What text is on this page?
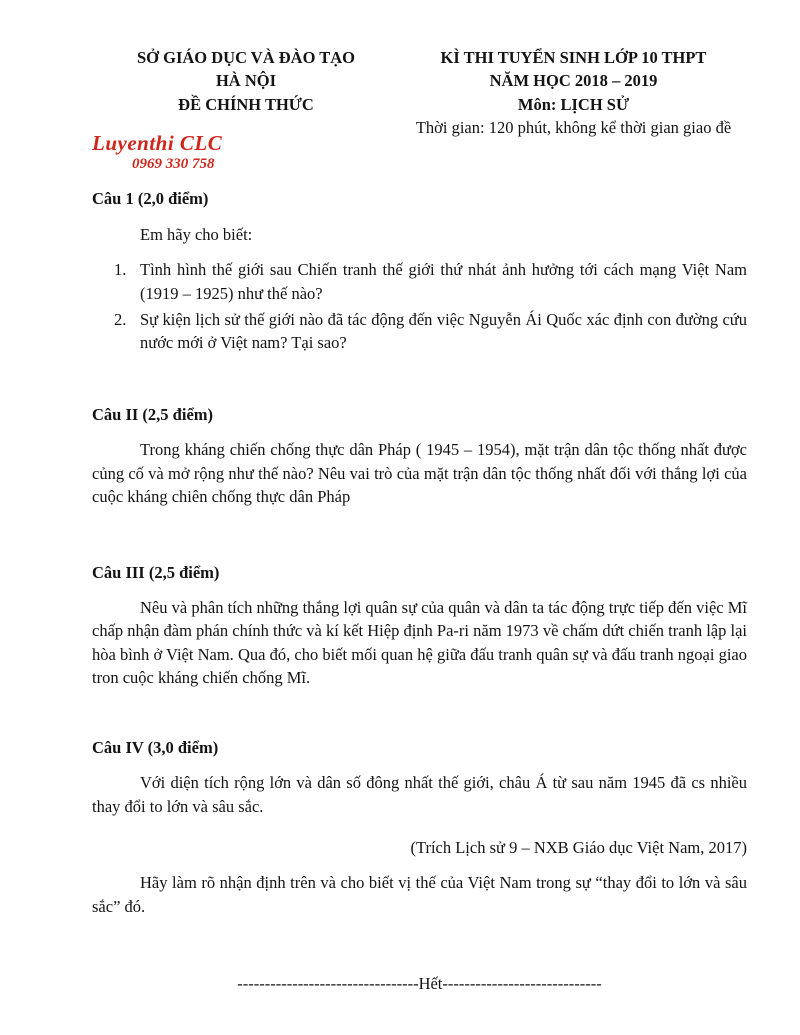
SỞ GIÁO DỤC VÀ ĐÀO TẠO
HÀ NỘI
ĐỀ CHÍNH THỨC
Luyenthi CLC
0969 330 758
KÌ THI TUYỂN SINH LỚP 10 THPT
NĂM HỌC 2018 – 2019
Môn: LỊCH SỬ
Thời gian: 120 phút, không kể thời gian giao đề
Câu 1 (2,0 điểm)

Em hãy cho biết:

1. Tình hình thế giới sau Chiến tranh thế giới thứ nhát ảnh hưởng tới cách mạng Việt Nam (1919 – 1925) như thế nào?
2. Sự kiện lịch sử thế giới nào đã tác động đến việc Nguyễn Ái Quốc xác định con đường cứu nước mới ở Việt nam? Tại sao?
Câu II (2,5 điểm)

Trong kháng chiến chống thực dân Pháp ( 1945 – 1954), mặt trận dân tộc thống nhất được củng cố và mở rộng như thế nào? Nêu vai trò của mặt trận dân tộc thống nhất đối với thắng lợi của cuộc kháng chiên chống thực dân Pháp

Câu III (2,5 điểm)

Nêu và phân tích những thắng lợi quân sự của quân và dân ta tác động trực tiếp đến việc Mĩ chấp nhận đàm phán chính thức và kí kết Hiệp định Pa-ri năm 1973 về chấm dứt chiến tranh lập lại hòa bình ở Việt Nam. Qua đó, cho biết mối quan hệ giữa đấu tranh quân sự và đấu tranh ngoại giao tron cuộc kháng chiến chống Mĩ.

Câu IV (3,0 điểm)

Với diện tích rộng lớn và dân số đông nhất thế giới, châu Á từ sau năm 1945 đã cs nhiều thay đổi to lớn và sâu sắc.

(Trích Lịch sử 9 – NXB Giáo dục Việt Nam, 2017)

Hãy làm rõ nhận định trên và cho biết vị thế của Việt Nam trong sự “thay đổi to lớn và sâu sắc” đó.

---------------------------------Hết-----------------------------
